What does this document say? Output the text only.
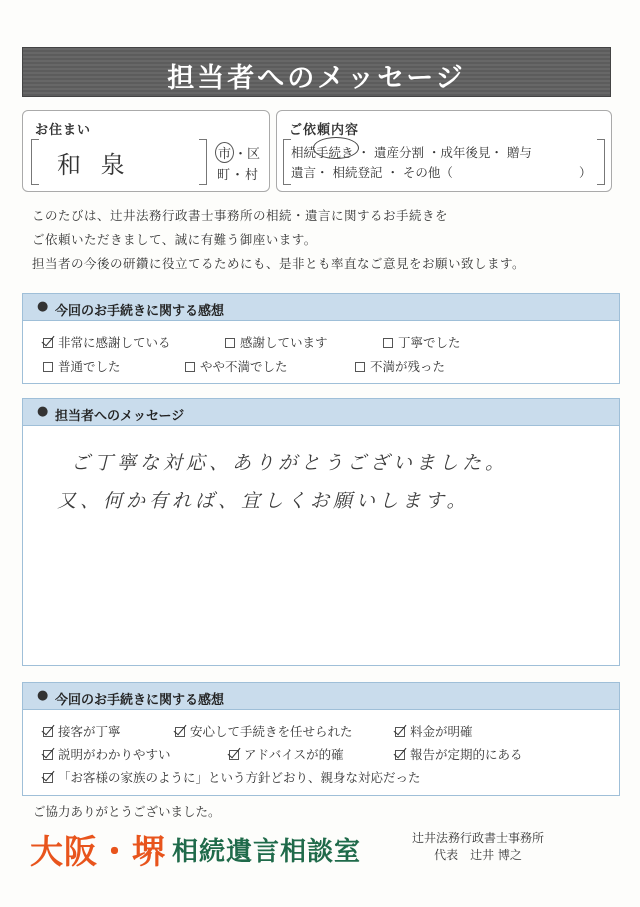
担当者へのメッセージ
お住まい
和 泉	市 ・区
町 ・ 村
ご依頼内容
相続手続き ・ 遺産分割 ・成年後見・ 贈与
遺言・ 相続登記 ・ その他（	）
このたびは、辻井法務行政書士事務所の相続・遺言に関するお手続きを
ご依頼いただきまして、誠に有難う御座います。
担当者の今後の研鑽に役立てるためにも、是非とも率直なご意見をお願い致します。
● 今回のお手続きに関する感想
非常に感謝している	感謝しています	丁寧でした
普通でした	やや不満でした	不満が残った
● 担当者へのメッセージ
ご丁寧な対応、ありがとうございました。
又、何か有れば、宜しくお願いします。
● 今回のお手続きに関する感想
接客が丁寧	安心して手続きを任せられた	料金が明確
説明がわかりやすい	アドバイスが的確	報告が定期的にある
「お客様の家族のように」という方針どおり、親身な対応だった
ご協力ありがとうございました。
大阪・堺 相続遺言相談室	辻井法務行政書士事務所
代表　辻井 博之
